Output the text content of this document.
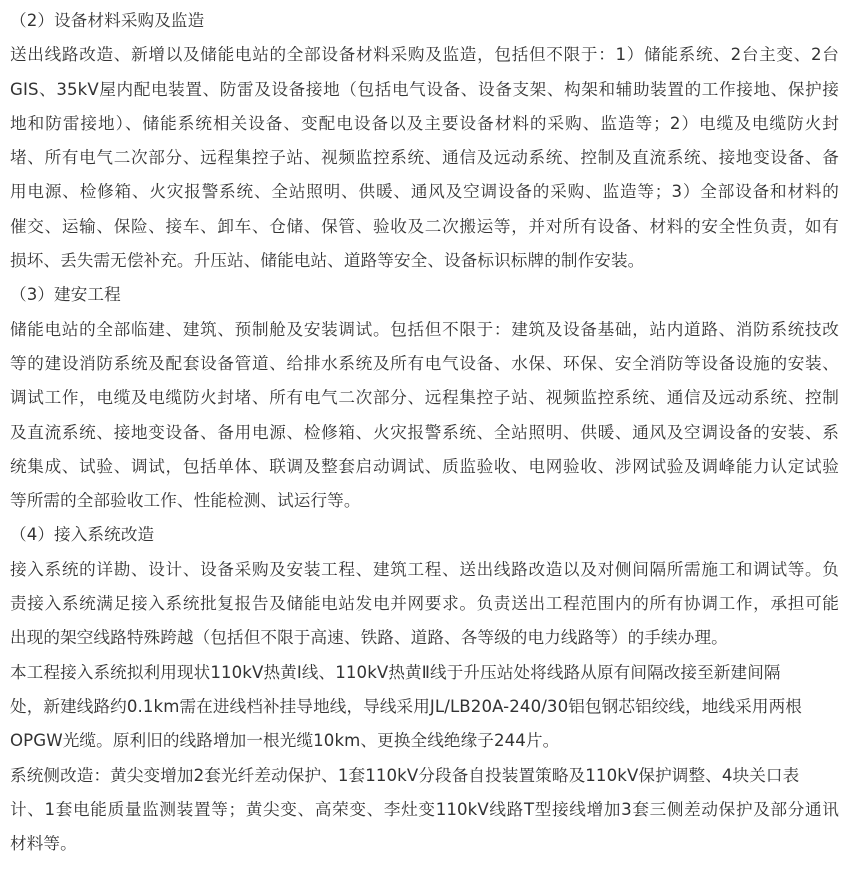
（2）设备材料采购及监造

送出线路改造、新增以及储能电站的全部设备材料采购及监造，包括但不限于：1）储能系统、2台主变、2台
GIS、35kV屋内配电装置、防雷及设备接地（包括电气设备、设备支架、构架和辅助装置的工作接地、保护接
地和防雷接地）、储能系统相关设备、变配电设备以及主要设备材料的采购、监造等；2）电缆及电缆防火封
堵、所有电气二次部分、远程集控子站、视频监控系统、通信及远动系统、控制及直流系统、接地变设备、备
用电源、检修箱、火灾报警系统、全站照明、供暖、通风及空调设备的采购、监造等；3）全部设备和材料的
催交、运输、保险、接车、卸车、仓储、保管、验收及二次搬运等，并对所有设备、材料的安全性负责，如有
损坏、丢失需无偿补充。升压站、储能电站、道路等安全、设备标识标牌的制作安装。

（3）建安工程

储能电站的全部临建、建筑、预制舱及安装调试。包括但不限于：建筑及设备基础，站内道路、消防系统技改
等的建设消防系统及配套设备管道、给排水系统及所有电气设备、水保、环保、安全消防等设备设施的安装、
调试工作，电缆及电缆防火封堵、所有电气二次部分、远程集控子站、视频监控系统、通信及远动系统、控制
及直流系统、接地变设备、备用电源、检修箱、火灾报警系统、全站照明、供暖、通风及空调设备的安装、系
统集成、试验、调试，包括单体、联调及整套启动调试、质监验收、电网验收、涉网试验及调峰能力认定试验
等所需的全部验收工作、性能检测、试运行等。

（4）接入系统改造

接入系统的详勘、设计、设备采购及安装工程、建筑工程、送出线路改造以及对侧间隔所需施工和调试等。负
责接入系统满足接入系统批复报告及储能电站发电并网要求。负责送出工程范围内的所有协调工作，承担可能
出现的架空线路特殊跨越（包括但不限于高速、铁路、道路、各等级的电力线路等）的手续办理。

本工程接入系统拟利用现状110kV热黄Ⅰ线、110kV热黄Ⅱ线于升压站处将线路从原有间隔改接至新建间隔
处，新建线路约0.1km需在进线档补挂导地线，导线采用JL/LB20A-240/30铝包钢芯铝绞线，地线采用两根
OPGW光缆。原利旧的线路增加一根光缆10km、更换全线绝缘子244片。

系统侧改造：黄尖变增加2套光纤差动保护、1套110kV分段备自投装置策略及110kV保护调整、4块关口表
计、1套电能质量监测装置等；黄尖变、高荣变、李灶变110kV线路T型接线增加3套三侧差动保护及部分通讯
材料等。
